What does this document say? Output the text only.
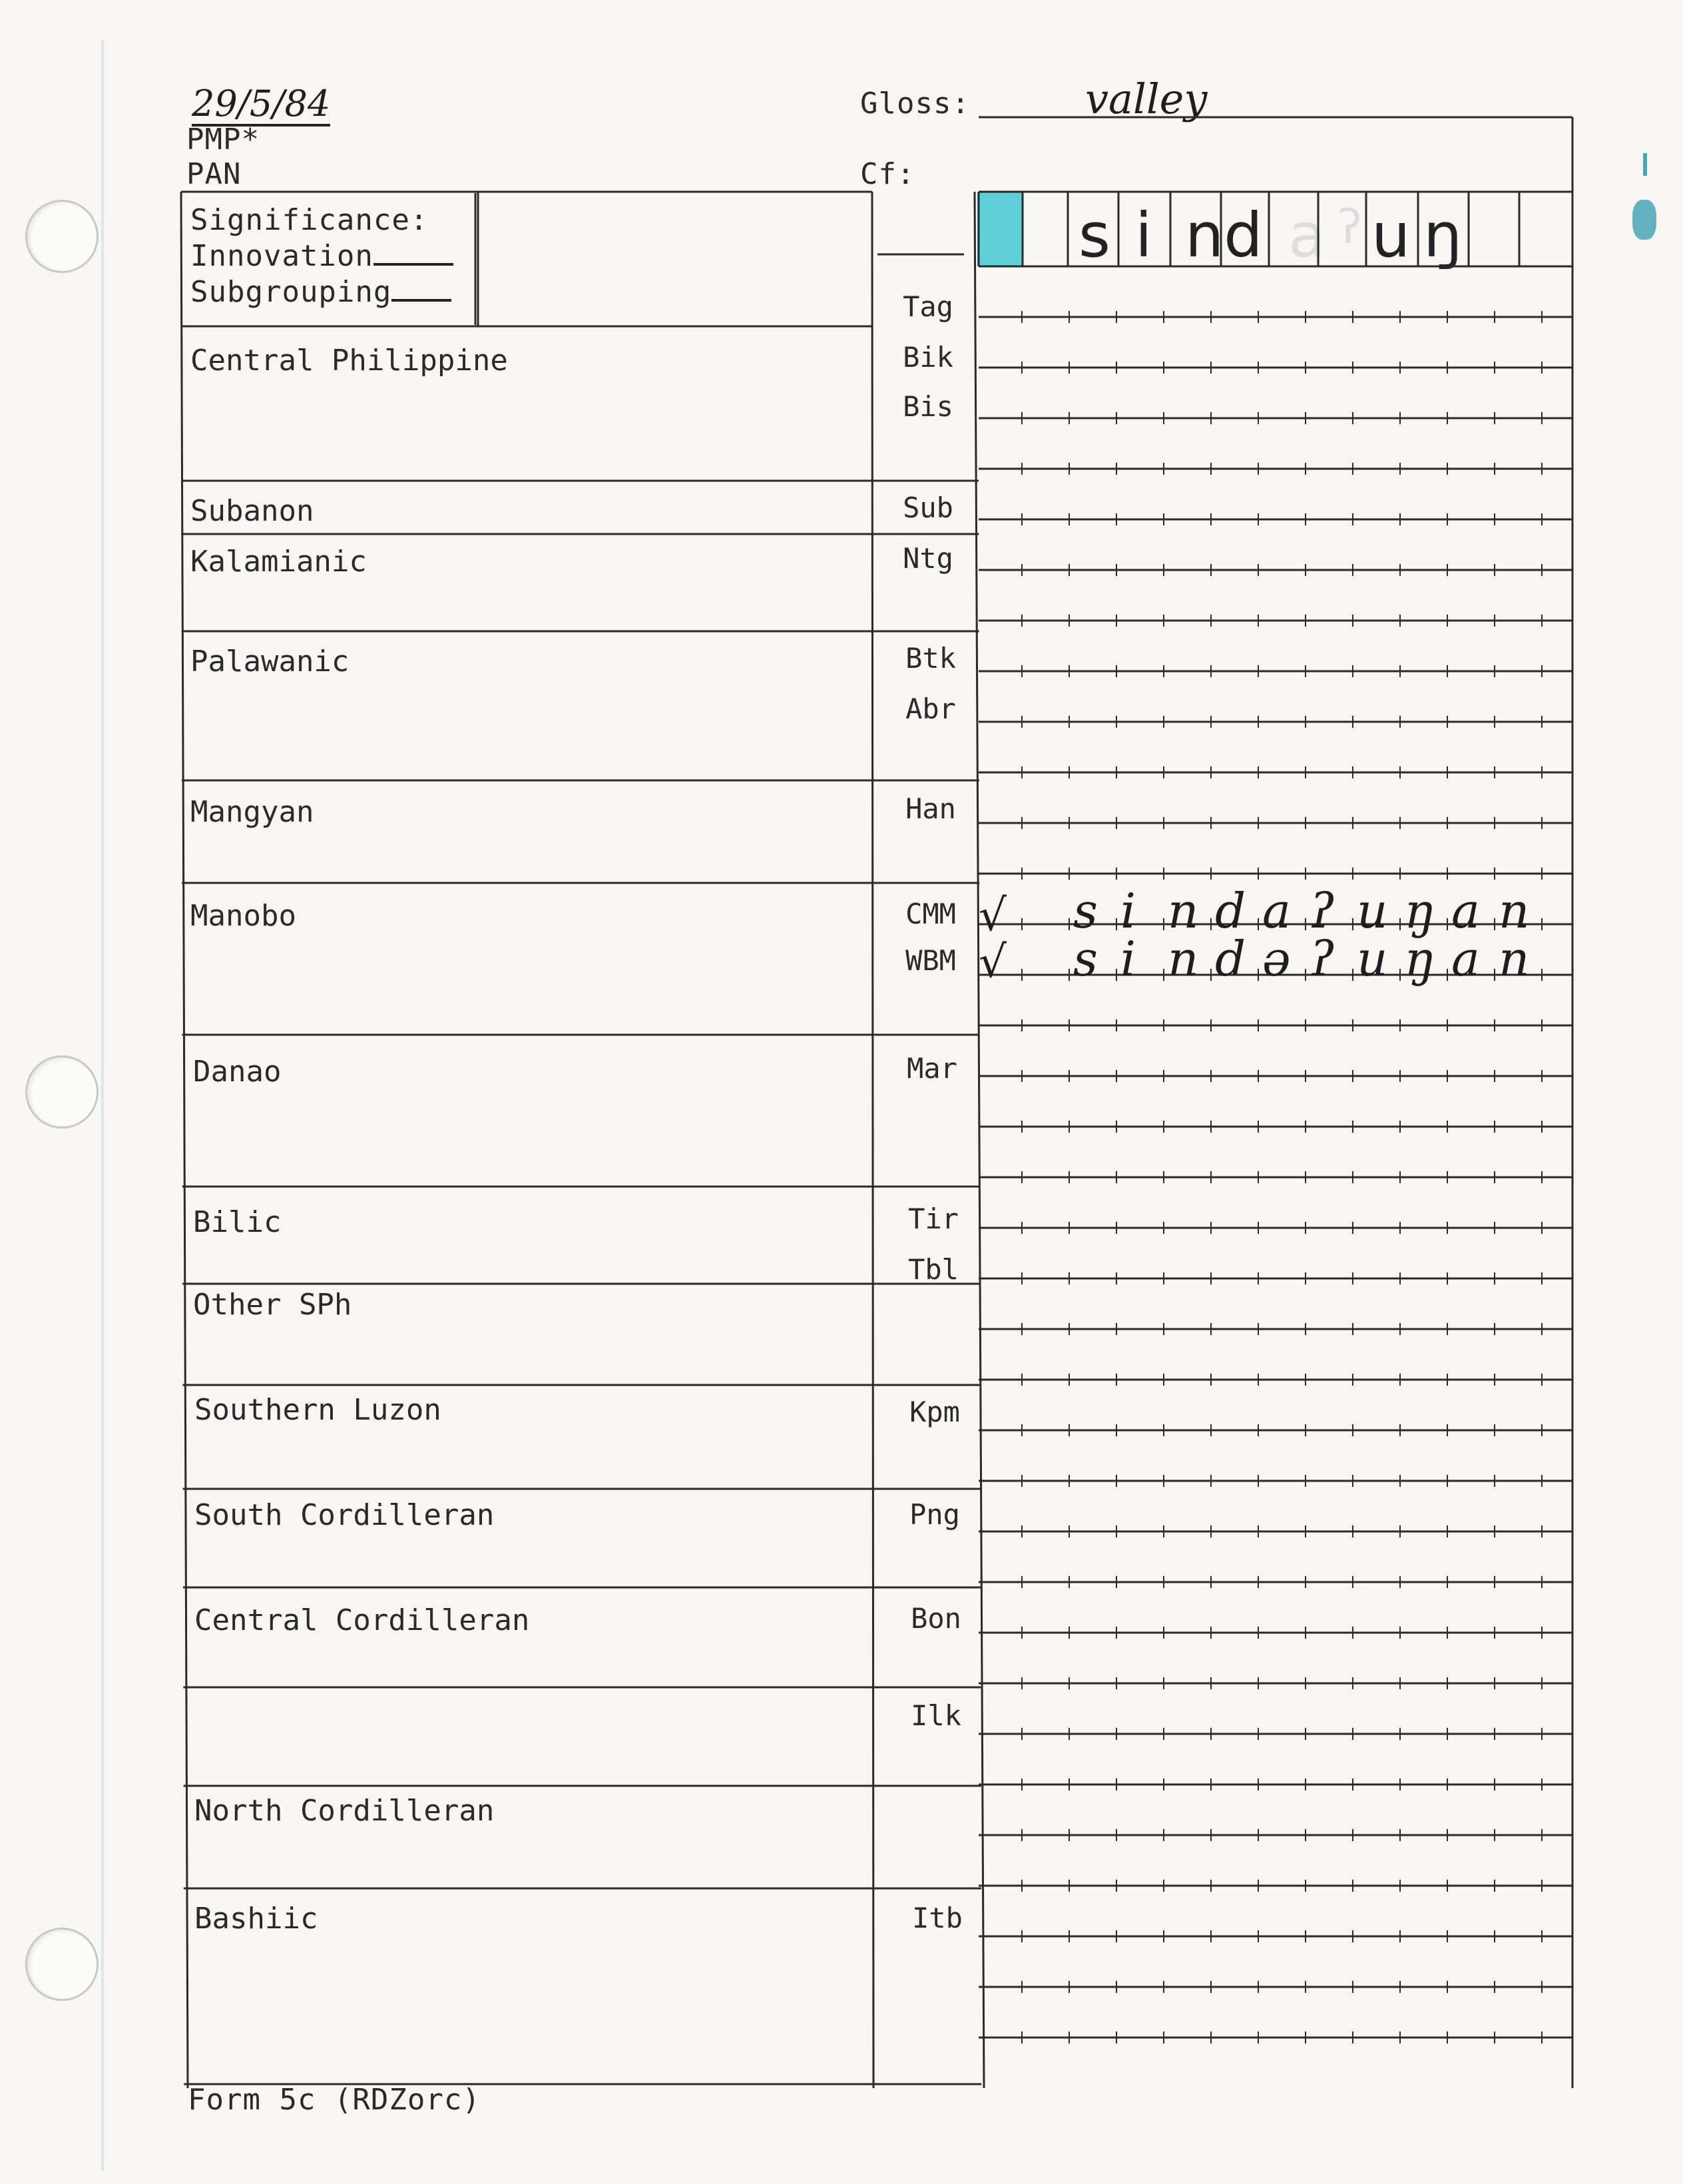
29/5/84
PMP*
PAN
Gloss:	valley
Cf:
Significance:
Innovation
Subgrouping
s i nd a ʔ u ŋ
Central Philippine
Subanon
Kalamianic
Palawanic
Mangyan
Manobo
Danao
Bilic
Other SPh
Southern Luzon
South Cordilleran
Central Cordilleran
North Cordilleran
Bashiic
Tag
Bik
Bis
Sub
Ntg
Btk
Abr
Han
CMM
WBM
Mar
Tir
Tbl
Kpm
Png
Bon
Ilk
Itb
√
√
s i n d a ʔ u ŋ a n
s i n d ə ʔ u ŋ a n
Form 5c (RDZorc)
